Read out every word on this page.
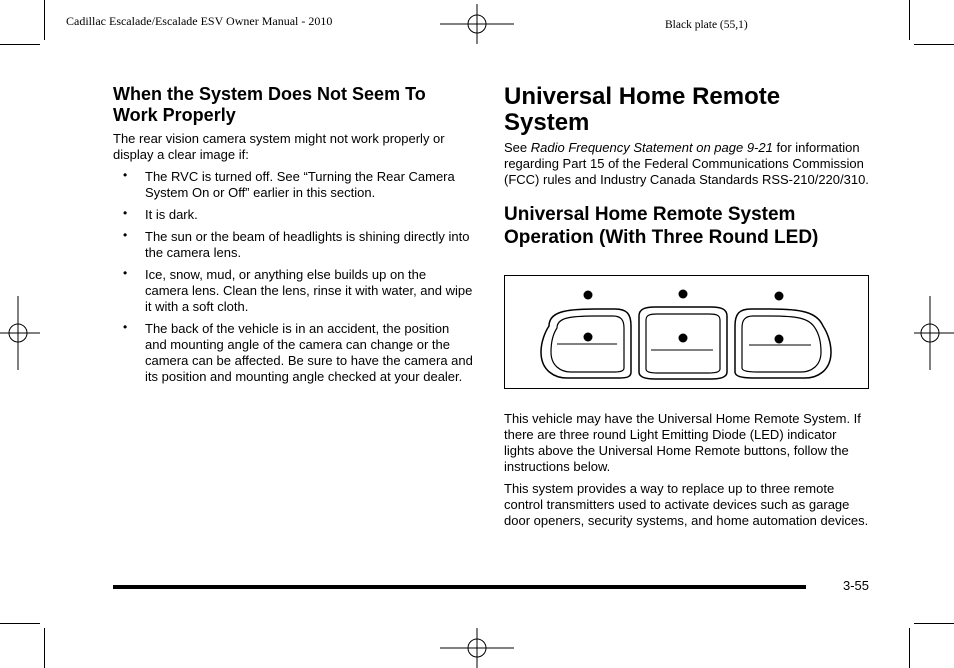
Cadillac Escalade/Escalade ESV Owner Manual - 2010	Black plate (55,1)
When the System Does Not Seem To Work Properly

The rear vision camera system might not work properly or display a clear image if:

• The RVC is turned off. See “Turning the Rear Camera System On or Off” earlier in this section.
• It is dark.
• The sun or the beam of headlights is shining directly into the camera lens.
• Ice, snow, mud, or anything else builds up on the camera lens. Clean the lens, rinse it with water, and wipe it with a soft cloth.
• The back of the vehicle is in an accident, the position and mounting angle of the camera can change or the camera can be affected. Be sure to have the camera and its position and mounting angle checked at your dealer.
Universal Home Remote System

See Radio Frequency Statement on page 9-21 for information regarding Part 15 of the Federal Communications Commission (FCC) rules and Industry Canada Standards RSS-210/220/310.

Universal Home Remote System Operation (With Three Round LED)

This vehicle may have the Universal Home Remote System. If there are three round Light Emitting Diode (LED) indicator lights above the Universal Home Remote buttons, follow the instructions below.

This system provides a way to replace up to three remote control transmitters used to activate devices such as garage door openers, security systems, and home automation devices.

3-55
